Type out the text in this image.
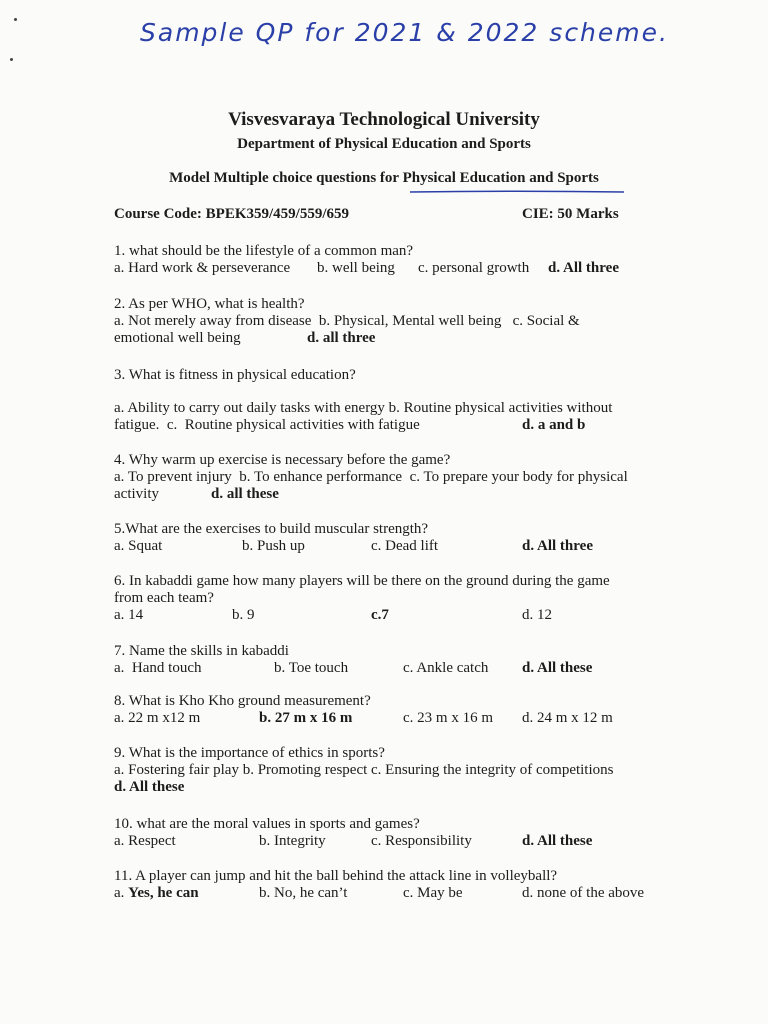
Sample QP for 2021 & 2022 scheme.
Visvesvaraya Technological University
Department of Physical Education and Sports
Model Multiple choice questions for Physical Education and Sports
Course Code: BPEK359/459/559/659	CIE: 50 Marks
1. what should be the lifestyle of a common man?
a. Hard work & perseverance b. well being c. personal growth d. All three
2. As per WHO, what is health?
a. Not merely away from disease  b. Physical, Mental well being   c. Social &
emotional well being	d. all three
3. What is fitness in physical education?
a. Ability to carry out daily tasks with energy b. Routine physical activities without
fatigue.  c.  Routine physical activities with fatigue	d. a and b
4. Why warm up exercise is necessary before the game?
a. To prevent injury  b. To enhance performance  c. To prepare your body for physical
activity	d. all these
5.What are the exercises to build muscular strength?
a. Squat	b. Push up	c. Dead lift	d. All three
6. In kabaddi game how many players will be there on the ground during the game
from each team?
a. 14	b. 9	c.7	d. 12
7. Name the skills in kabaddi
a.  Hand touch	b. Toe touch	c. Ankle catch d. All these
8. What is Kho Kho ground measurement?
a. 22 m x12 m	b. 27 m x 16 m	c. 23 m x 16 m d. 24 m x 12 m
9. What is the importance of ethics in sports?
a. Fostering fair play b. Promoting respect c. Ensuring the integrity of competitions
d. All these
10. what are the moral values in sports and games?
a. Respect	b. Integrity	c. Responsibility	d. All these
11. A player can jump and hit the ball behind the attack line in volleyball?
a. Yes, he can	b. No, he can’t	c. May be	d. none of the above
